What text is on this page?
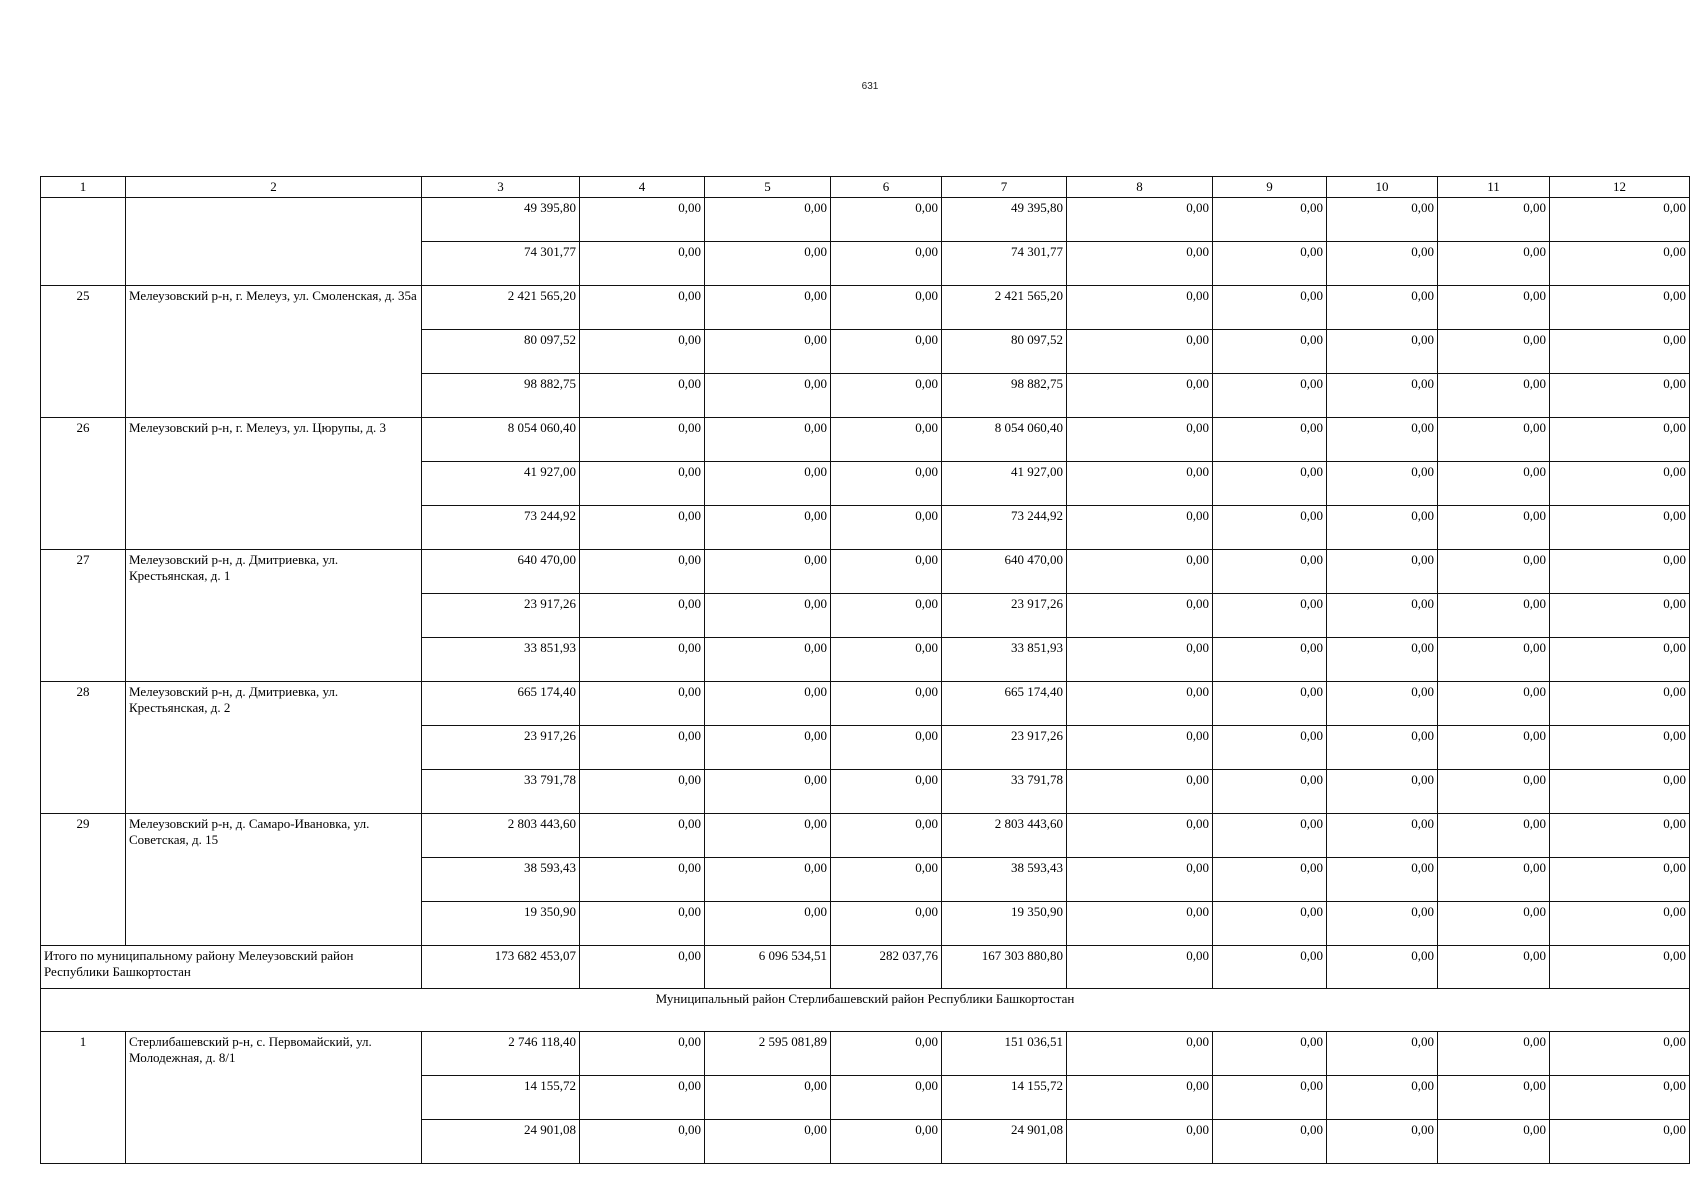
631
1	2	3	4	5	6	7	8	9	10	11	12
		49 395,80	0,00	0,00	0,00	49 395,80	0,00	0,00	0,00	0,00	0,00
		74 301,77	0,00	0,00	0,00	74 301,77	0,00	0,00	0,00	0,00	0,00
25	Мелеузовский р-н, г. Мелеуз, ул. Смоленская, д. 35а	2 421 565,20	0,00	0,00	0,00	2 421 565,20	0,00	0,00	0,00	0,00	0,00
		80 097,52	0,00	0,00	0,00	80 097,52	0,00	0,00	0,00	0,00	0,00
		98 882,75	0,00	0,00	0,00	98 882,75	0,00	0,00	0,00	0,00	0,00
26	Мелеузовский р-н, г. Мелеуз, ул. Цюрупы, д. 3	8 054 060,40	0,00	0,00	0,00	8 054 060,40	0,00	0,00	0,00	0,00	0,00
		41 927,00	0,00	0,00	0,00	41 927,00	0,00	0,00	0,00	0,00	0,00
		73 244,92	0,00	0,00	0,00	73 244,92	0,00	0,00	0,00	0,00	0,00
27	Мелеузовский р-н, д. Дмитриевка, ул. Крестьянская, д. 1	640 470,00	0,00	0,00	0,00	640 470,00	0,00	0,00	0,00	0,00	0,00
		23 917,26	0,00	0,00	0,00	23 917,26	0,00	0,00	0,00	0,00	0,00
		33 851,93	0,00	0,00	0,00	33 851,93	0,00	0,00	0,00	0,00	0,00
28	Мелеузовский р-н, д. Дмитриевка, ул. Крестьянская, д. 2	665 174,40	0,00	0,00	0,00	665 174,40	0,00	0,00	0,00	0,00	0,00
		23 917,26	0,00	0,00	0,00	23 917,26	0,00	0,00	0,00	0,00	0,00
		33 791,78	0,00	0,00	0,00	33 791,78	0,00	0,00	0,00	0,00	0,00
29	Мелеузовский р-н, д. Самаро-Ивановка, ул. Советская, д. 15	2 803 443,60	0,00	0,00	0,00	2 803 443,60	0,00	0,00	0,00	0,00	0,00
		38 593,43	0,00	0,00	0,00	38 593,43	0,00	0,00	0,00	0,00	0,00
		19 350,90	0,00	0,00	0,00	19 350,90	0,00	0,00	0,00	0,00	0,00
Итого по муниципальному району Мелеузовский район Республики Башкортостан		173 682 453,07	0,00	6 096 534,51	282 037,76	167 303 880,80	0,00	0,00	0,00	0,00	0,00
Муниципальный район Стерлибашевский район Республики Башкортостан											
1	Стерлибашевский р-н, с. Первомайский, ул. Молодежная, д. 8/1	2 746 118,40	0,00	2 595 081,89	0,00	151 036,51	0,00	0,00	0,00	0,00	0,00
		14 155,72	0,00	0,00	0,00	14 155,72	0,00	0,00	0,00	0,00	0,00
		24 901,08	0,00	0,00	0,00	24 901,08	0,00	0,00	0,00	0,00	0,00
